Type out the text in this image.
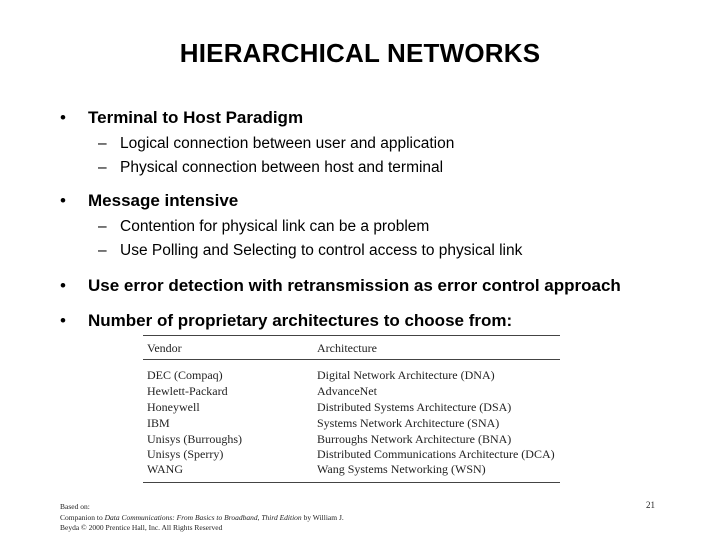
HIERARCHICAL NETWORKS
• Terminal to Host Paradigm
– Logical connection between user and application
– Physical connection between host and terminal
• Message intensive
– Contention for physical link can be a problem
– Use Polling and Selecting to control access to physical link
• Use error detection with retransmission as error control approach
• Number of proprietary architectures to choose from:
Vendor	Architecture
DEC (Compaq)	Digital Network Architecture (DNA)
Hewlett-Packard	AdvanceNet
Honeywell	Distributed Systems Architecture (DSA)
IBM	Systems Network Architecture (SNA)
Unisys (Burroughs)	Burroughs Network Architecture (BNA)
Unisys (Sperry)	Distributed Communications Architecture (DCA)
WANG	Wang Systems Networking (WSN)
Based on:
Companion to Data Communications: From Basics to Broadband, Third Edition by William J.
Beyda © 2000 Prentice Hall, Inc. All Rights Reserved
21
